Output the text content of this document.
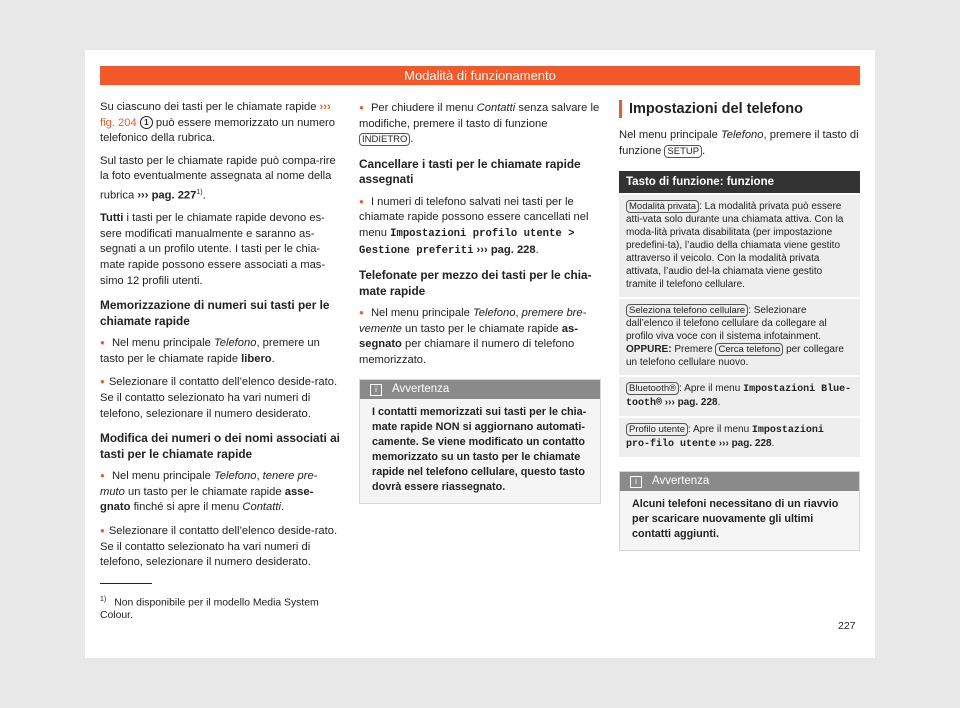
Modalità di funzionamento

Su ciascuno dei tasti per le chiamate rapide ››› fig. 204 1 può essere memorizzato un numero telefonico della rubrica.

Sul tasto per le chiamate rapide può compa-rire la foto eventualmente assegnata al nome della rubrica ››› pag. 227$^{1)}$.

Tutti i tasti per le chiamate rapide devono es-sere modificati manualmente e saranno as-segnati a un profilo utente. I tasti per le chia-mate rapide possono essere associati a mas-simo 12 profili utenti.

Memorizzazione di numeri sui tasti per le chiamate rapide

● Nel menu principale Telefono, premere un tasto per le chiamate rapide libero.

● Selezionare il contatto dell’elenco deside-rato. Se il contatto selezionato ha vari numeri di telefono, selezionare il numero desiderato.

Modifica dei numeri o dei nomi associati ai tasti per le chiamate rapide

● Nel menu principale Telefono, tenere pre-muto un tasto per le chiamate rapide asse-gnato finché si apre il menu Contatti.

● Selezionare il contatto dell’elenco deside-rato. Se il contatto selezionato ha vari numeri di telefono, selezionare il numero desiderato.

● Per chiudere il menu Contatti senza salvare le modifiche, premere il tasto di funzione INDIETRO .

Cancellare i tasti per le chiamate rapide assegnati

● I numeri di telefono salvati nei tasti per le chiamate rapide possono essere cancellati nel menu Impostazioni profilo utente > Gestione preferiti ››› pag. 228.

Telefonate per mezzo dei tasti per le chia-mate rapide

● Nel menu principale Telefono, premere bre-vemente un tasto per le chiamate rapide as-segnato per chiamare il numero di telefono memorizzato.

i Avvertenza
I contatti memorizzati sui tasti per le chia-mate rapide NON si aggiornano automati-camente. Se viene modificato un contatto memorizzato su un tasto per le chiamate rapide nel telefono cellulare, questo tasto dovrà essere riassegnato.
Impostazioni del telefono

Nel menu principale Telefono, premere il tasto di funzione SETUP .

Tasto di funzione: funzione
Modalità privata : La modalità privata può essere atti-vata solo durante una chiamata attiva. Con la moda-lità privata disabilitata (per impostazione predefini-ta), l’audio della chiamata viene gestito attraverso il veicolo. Con la modalità privata attivata, l’audio del-la chiamata viene gestito tramite il telefono cellulare.
Seleziona telefono cellulare : Selezionare dall’elenco il telefono cellulare da collegare al profilo viva voce con il sistema infotainment.
OPPURE: Premere Cerca telefono per collegare un telefono cellulare nuovo.
Bluetooth® : Apre il menu Impostazioni Blue-tooth® ››› pag. 228.
Profilo utente : Apre il menu Impostazioni pro-filo utente ››› pag. 228.
i Avvertenza
Alcuni telefoni necessitano di un riavvio per scaricare nuovamente gli ultimi contatti aggiunti.
$^{1)}$ Non disponibile per il modello Media System Colour.
227
